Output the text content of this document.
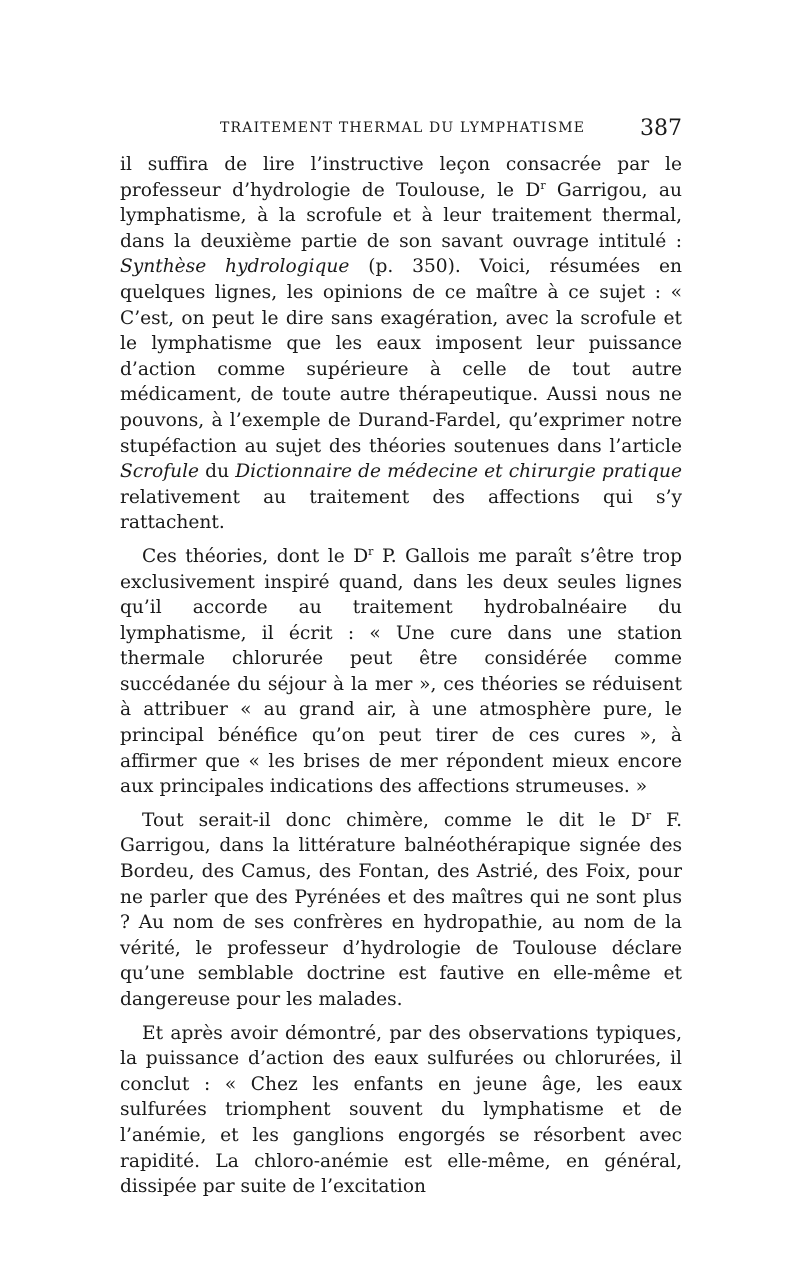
TRAITEMENT THERMAL DU LYMPHATISME 387

il suffira de lire l’instructive leçon consacrée par le professeur d’hydrologie de Toulouse, le $D^r$ Garrigou, au lymphatisme, à la scrofule et à leur traitement thermal, dans la deuxième partie de son savant ouvrage intitulé : Synthèse hydrologique (p. 350). Voici, résumées en quelques lignes, les opinions de ce maître à ce sujet : « C’est, on peut le dire sans exagération, avec la scrofule et le lymphatisme que les eaux imposent leur puissance d’action comme supérieure à celle de tout autre médicament, de toute autre thérapeutique. Aussi nous ne pouvons, à l’exemple de Durand-Fardel, qu’exprimer notre stupéfaction au sujet des théories soutenues dans l’article Scrofule du Dictionnaire de médecine et chirurgie pratique relativement au traitement des affections qui s’y rattachent.

Ces théories, dont le $D^r$ P. Gallois me paraît s’être trop exclusivement inspiré quand, dans les deux seules lignes qu’il accorde au traitement hydrobalnéaire du lymphatisme, il écrit : « Une cure dans une station thermale chlorurée peut être considérée comme succédanée du séjour à la mer », ces théories se réduisent à attribuer « au grand air, à une atmosphère pure, le principal bénéfice qu’on peut tirer de ces cures », à affirmer que « les brises de mer répondent mieux encore aux principales indications des affections strumeuses. »

Tout serait-il donc chimère, comme le dit le $D^r$ F. Garrigou, dans la littérature balnéothérapique signée des Bordeu, des Camus, des Fontan, des Astrié, des Foix, pour ne parler que des Pyrénées et des maîtres qui ne sont plus ? Au nom de ses confrères en hydropathie, au nom de la vérité, le professeur d’hydrologie de Toulouse déclare qu’une semblable doctrine est fautive en elle-même et dangereuse pour les malades.

Et après avoir démontré, par des observations typiques, la puissance d’action des eaux sulfurées ou chlorurées, il conclut : « Chez les enfants en jeune âge, les eaux sulfurées triomphent souvent du lymphatisme et de l’anémie, et les ganglions engorgés se résorbent avec rapidité. La chloro-anémie est elle-même, en général, dissipée par suite de l’excitation
